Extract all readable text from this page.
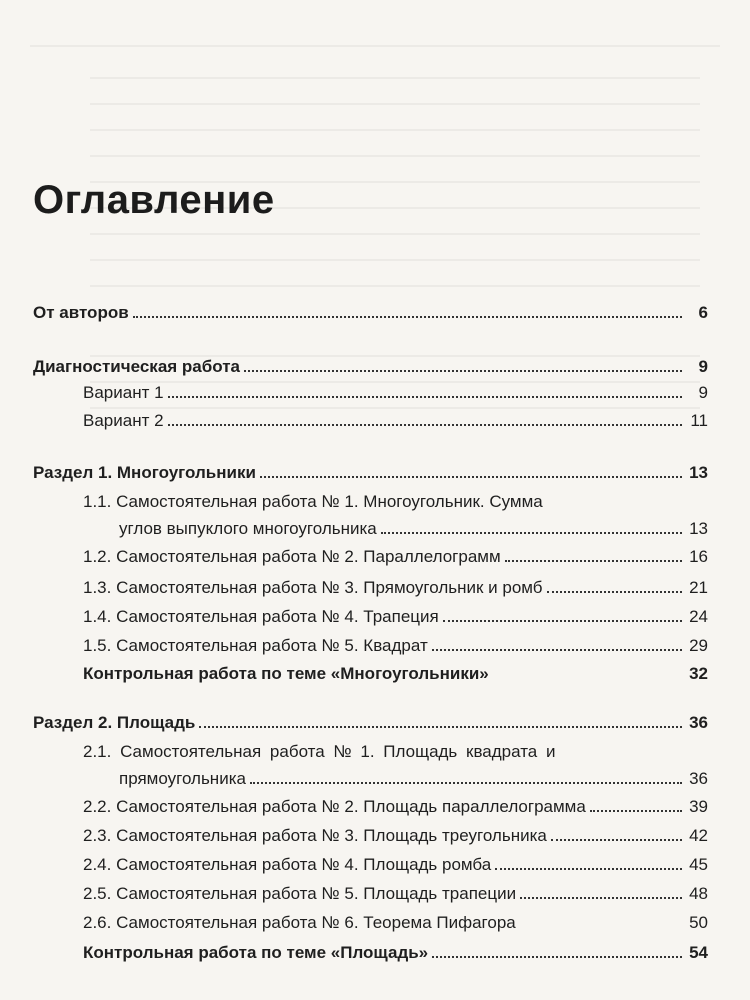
Оглавление
От авторов	6
Диагностическая работа	9
Вариант 1	9
Вариант 2	11
Раздел 1. Многоугольники	13
1.1. Самостоятельная работа № 1. Многоугольник. Сумма
углов выпуклого многоугольника	13
1.2. Самостоятельная работа № 2. Параллелограмм	16
1.3. Самостоятельная работа № 3. Прямоугольник и ромб	21
1.4. Самостоятельная работа № 4. Трапеция	24
1.5. Самостоятельная работа № 5. Квадрат	29
Контрольная работа по теме «Многоугольники»	32
Раздел 2. Площадь	36
2.1. Самостоятельная работа № 1. Площадь квадрата и
прямоугольника	36
2.2. Самостоятельная работа № 2. Площадь параллелограмма	39
2.3. Самостоятельная работа № 3. Площадь треугольника	42
2.4. Самостоятельная работа № 4. Площадь ромба	45
2.5. Самостоятельная работа № 5. Площадь трапеции	48
2.6. Самостоятельная работа № 6. Теорема Пифагора	50
Контрольная работа по теме «Площадь»	54
